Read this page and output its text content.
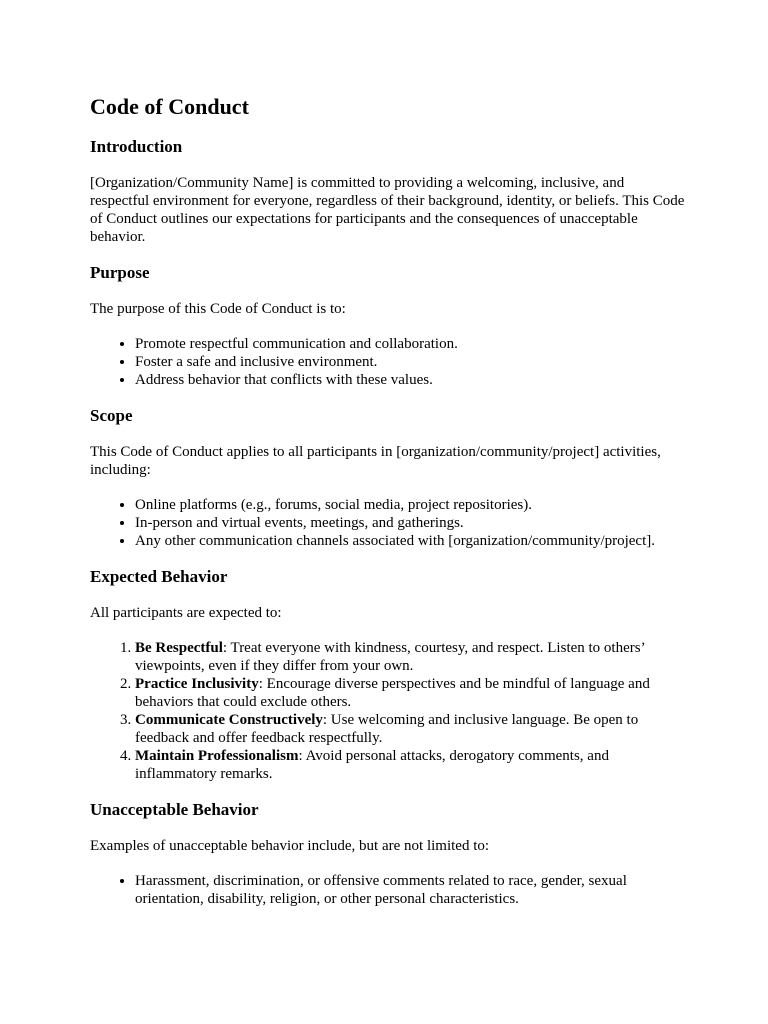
Code of Conduct
Introduction

[Organization/Community Name] is committed to providing a welcoming, inclusive, and respectful environment for everyone, regardless of their background, identity, or beliefs. This Code of Conduct outlines our expectations for participants and the consequences of unacceptable behavior.

Purpose

The purpose of this Code of Conduct is to:

• Promote respectful communication and collaboration.
• Foster a safe and inclusive environment.
• Address behavior that conflicts with these values.
Scope

This Code of Conduct applies to all participants in [organization/community/project] activities, including:

• Online platforms (e.g., forums, social media, project repositories).
• In-person and virtual events, meetings, and gatherings.
• Any other communication channels associated with [organization/community/project].
Expected Behavior

All participants are expected to:

1. Be Respectful: Treat everyone with kindness, courtesy, and respect. Listen to others’ viewpoints, even if they differ from your own.
2. Practice Inclusivity: Encourage diverse perspectives and be mindful of language and behaviors that could exclude others.
3. Communicate Constructively: Use welcoming and inclusive language. Be open to feedback and offer feedback respectfully.
4. Maintain Professionalism: Avoid personal attacks, derogatory comments, and inflammatory remarks.
Unacceptable Behavior

Examples of unacceptable behavior include, but are not limited to:

• Harassment, discrimination, or offensive comments related to race, gender, sexual orientation, disability, religion, or other personal characteristics.
